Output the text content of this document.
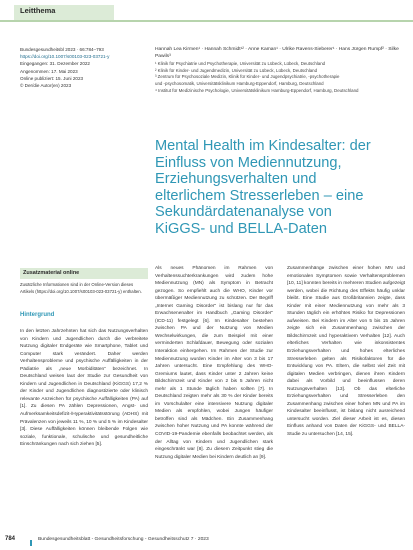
Leitthema
Bundesgesundheitsbl 2023 · 66:784–793
https://doi.org/10.1007/s00103-023-03721-y
Eingegangen: 31. Dezember 2022
Angenommen: 17. Mai 2023
Online publiziert: 15. Juni 2023
© Der/die Autor(en) 2023
Hannah Lea Kirmen¹ · Hannah Schmidt¹² · Anne Kaman¹ · Ulrike Ravens-Sieberer¹ · Hans Jürgen Rumpf² · Silke Pawils³
¹ Klinik für Psychiatrie und Psychotherapie, Universität zu Lübeck, Lübeck, Deutschland
² Klinik für Kinder- und Jugendmedizin, Universität zu Lübeck, Lübeck, Deutschland
³ Zentrum für Psychosoziale Medizin, Klinik für Kinder- und Jugendpsychiatrie, -psychotherapie
und -psychosomatik, Universitätsklinikum Hamburg-Eppendorf, Hamburg, Deutschland
⁴ Institut für Medizinische Psychologie, Universitätsklinikum Hamburg-Eppendorf, Hamburg, Deutschland
Mental Health im Kindesalter: der
Einfluss von Mediennutzung,
Erziehungsverhalten und
elterlichem Stresserleben – eine
Sekundärdatenanalyse von
KiGGS- und BELLA-Daten
Zusatzmaterial online
Zusätzliche Informationen sind in der Online-Version dieses Artikels (https://doi.org/10.1007/s00103-023-03721-y) enthalten.
Hintergrund

In den letzten Jahrzehnten hat sich das Nutzungsverhalten von Kindern und Jugendlichen durch die verbreitete Nutzung digitaler Endgeräte wie Smartphone, Tablet und Computer stark verändert. Daher werden Verhaltensprobleme und psychische Auffälligkeiten in der Pädiatrie als „neue Morbiditäten“ bezeichnet. In Deutschland weisen laut der Studie zur Gesundheit von Kindern und Jugendlichen in Deutschland (KiGGS) 17,2 % der Kinder und Jugendlichen diagnostizierte oder klinisch relevante Anzeichen für psychische Auffälligkeiten (PA) auf [1]. Zu diesen PA zählen Depressionen, Angst- und Aufmerksamkeitsdefizit-/Hyperaktivitätsstörung (ADHS) mit Prävalenzen von jeweils 11 %, 10 % und 5 % im Kindesalter [3]. Diese Auffälligkeiten können bleibende Folgen wie soziale, funktionale, schulische und gesundheitliche Einschränkungen nach sich ziehen [5].

Als neues Phänomen im Rahmen von Verhaltenssuchterkrankungen wird zudem hohe Mediennutzung (MN) als Symptom in Betracht gezogen. So empfiehlt auch die WHO, Kinder vor übermäßiger Mediennutzung zu schützen. Der Begriff „Internet Gaming Disorder“ ist bislang nur für das Erwachsenenalter im Handbuch „Gaming Disorder“ (ICD-11) festgelegt [6]. Im Kindesalter bestehen zwischen PA und der Nutzung von Medien Wechselwirkungen, die zum Beispiel mit einer verminderten Schlafdauer, Bewegung oder sozialen Interaktion einhergehen. Im Rahmen der Studie zur Mediennutzung wurden Kinder im Alter von 3 bis 17 Jahren untersucht. Eine Empfehlung des WHO-Gremiums lautet, dass Kinder unter 2 Jahren keine Bildschirmzeit und Kinder von 2 bis 5 Jahren nicht mehr als 1 Stunde täglich haben sollten [7]. In Deutschland zeigten mehr als 30 % der Kinder bereits im Vorschulalter eine intensivere Nutzung digitaler Medien als empfohlen, wobei Jungen häufiger betroffen sind als Mädchen. Ein Zusammenhang zwischen hoher Nutzung und PA konnte während der COVID-19-Pandemie ebenfalls beobachtet werden, als der Alltag von Kindern und Jugendlichen stark eingeschränkt war [8]. Zu diesem Zeitpunkt stieg die Nutzung digitaler Medien bei Kindern deutlich an [9].

Zusammenhänge zwischen einer hohen MN und emotionalen Symptomen sowie Verhaltensproblemen [10, 11] konnten bereits in mehreren Studien aufgezeigt werden, wobei die Richtung des Effekts häufig unklar bleibt. Eine Studie aus Großbritannien zeigte, dass Kinder mit einer Mediennutzung von mehr als 3 Stunden täglich ein erhöhtes Risiko für Depressionen aufweisen. Bei Kindern im Alter von 5 bis 15 Jahren zeigte sich ein Zusammenhang zwischen der Bildschirmzeit und hyperaktivem Verhalten [12]. Auch elterliches Verhalten wie inkonsistentes Erziehungsverhalten und hohes elterliches Stresserleben gelten als Risikofaktoren für die Entwicklung von PA. Eltern, die selbst viel Zeit mit digitalen Medien verbringen, dienen ihren Kindern dabei als Vorbild und beeinflussen deren Nutzungsverhalten [13]. Ob das elterliche Erziehungsverhalten und Stresserleben den Zusammenhang zwischen einer hohen MN und PA im Kindesalter beeinflusst, ist bislang nicht ausreichend untersucht worden. Ziel dieser Arbeit ist es, diesen Einfluss anhand von Daten der KiGGS- und BELLA-Studie zu untersuchen [14, 15].

784	Bundesgesundheitsblatt - Gesundheitsforschung - Gesundheitsschutz 7 · 2023
